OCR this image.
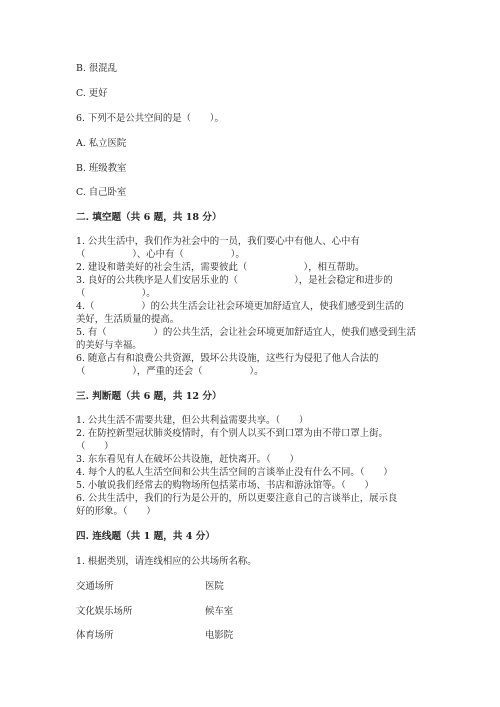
B. 很混乱
C. 更好
6. 下列不是公共空间的是（　　）。
A. 私立医院
B. 班级教室
C. 自己卧室
二. 填空题（共 6 题，共 18 分）
1. 公共生活中，我们作为社会中的一员，我们要心中有他人、心中有
（　　　　　）、心中有（　　　　　）。
2. 建设和谐美好的社会生活，需要彼此（　　　　　　），相互帮助。
3. 良好的公共秩序是人们安居乐业的（　　　　　　），是社会稳定和进步的
（　　　　　　）。
4.（　　　　　）的公共生活会让社会环境更加舒适宜人，使我们感受到生活的
美好，生活质量的提高。
5. 有（　　　　　）的公共生活，会让社会环境更加舒适宜人，使我们感受到生活
的美好与幸福。
6. 随意占有和浪费公共资源，毁坏公共设施，这些行为侵犯了他人合法的
（　　　　　），严重的还会（　　　　　）。
三. 判断题（共 6 题，共 12 分）
1. 公共生活不需要共建，但公共利益需要共享。（　　）
2. 在防控新型冠状肺炎疫情时，有个别人以买不到口罩为由不带口罩上街。
（　　）
3. 东东看见有人在破坏公共设施，赶快离开。（　　）
4. 每个人的私人生活空间和公共生活空间的言谈举止没有什么不同。（　　）
5. 小敏说我们经常去的购物场所包括菜市场、书店和游泳馆等。（　　）
6. 公共生活中，我们的行为是公开的，所以更要注意自己的言谈举止，展示良
好的形象。（　　）
四. 连线题（共 1 题，共 4 分）
1. 根据类别，请连线相应的公共场所名称。
交通场所	医院
文化娱乐场所	候车室
体育场所	电影院
